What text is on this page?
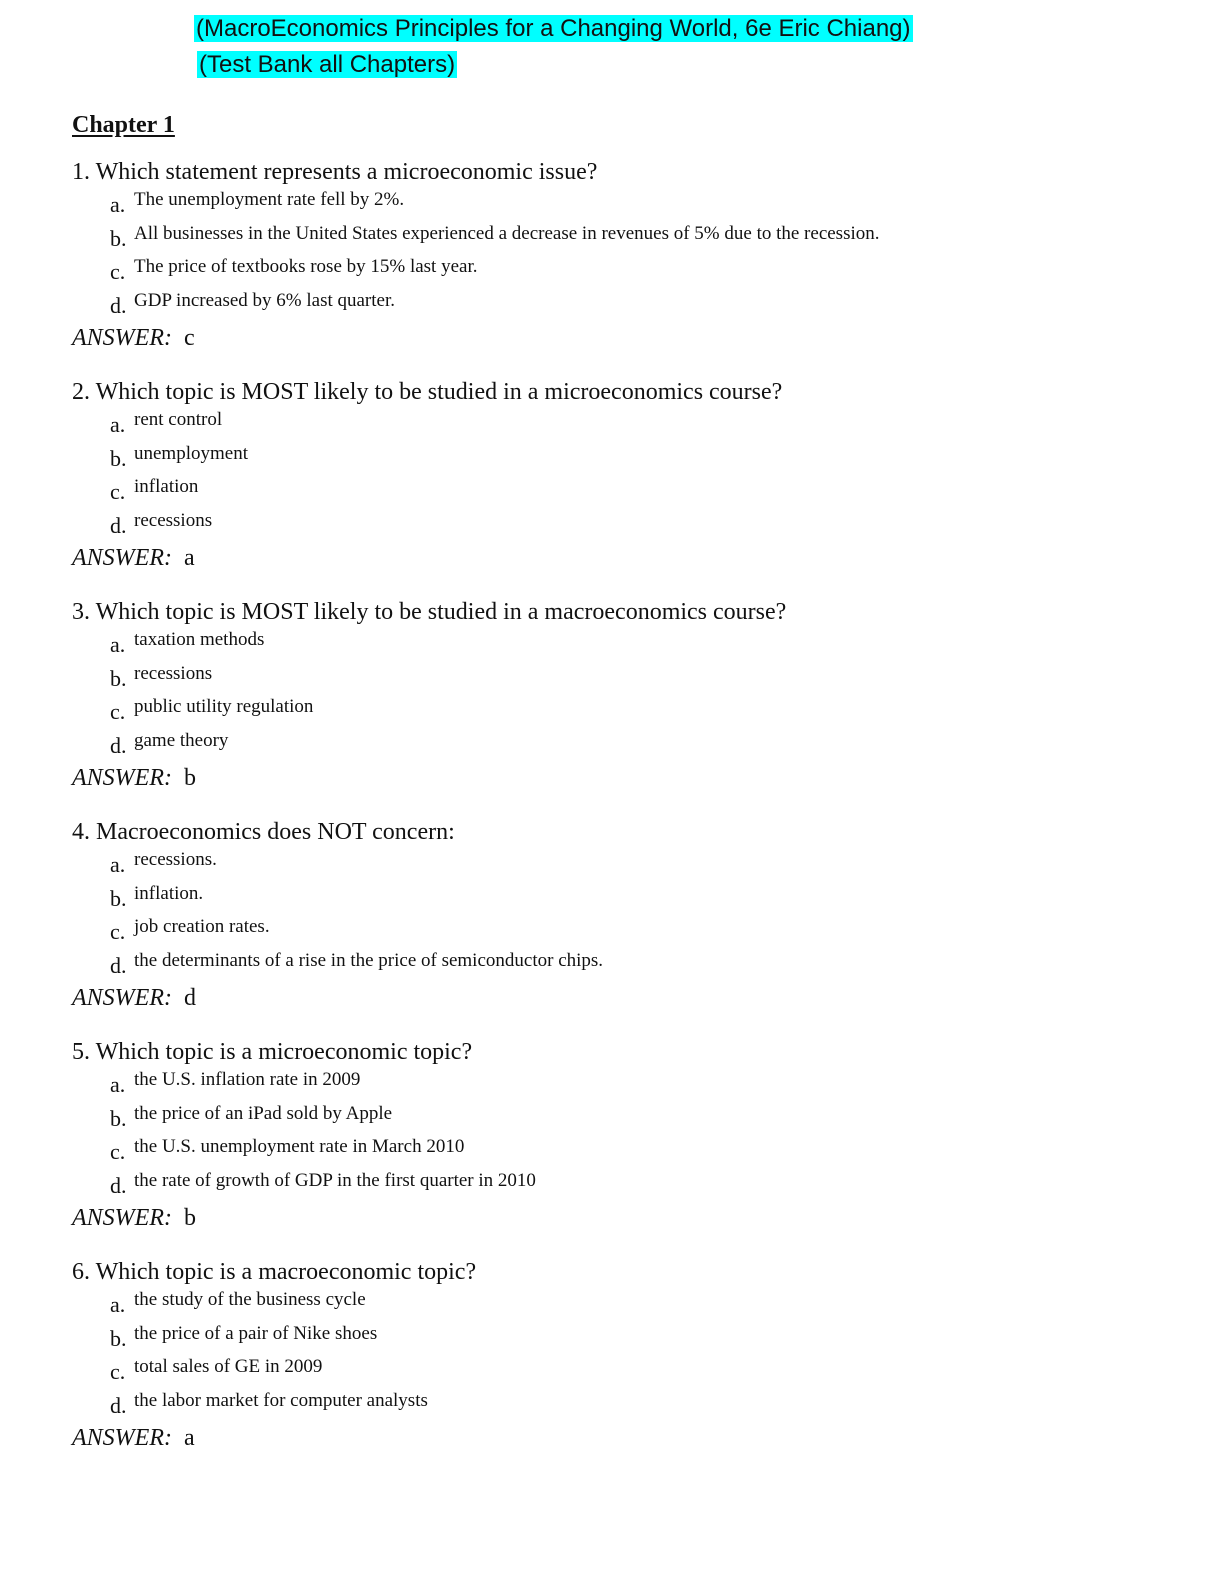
(MacroEconomics Principles for a Changing World, 6e Eric Chiang)
(Test Bank all Chapters)
Chapter 1
1. Which statement represents a microeconomic issue?
a. The unemployment rate fell by 2%.
b. All businesses in the United States experienced a decrease in revenues of 5% due to the recession.
c. The price of textbooks rose by 15% last year.
d. GDP increased by 6% last quarter.
ANSWER: c
2. Which topic is MOST likely to be studied in a microeconomics course?
a. rent control
b. unemployment
c. inflation
d. recessions
ANSWER: a
3. Which topic is MOST likely to be studied in a macroeconomics course?
a. taxation methods
b. recessions
c. public utility regulation
d. game theory
ANSWER: b
4. Macroeconomics does NOT concern:
a. recessions.
b. inflation.
c. job creation rates.
d. the determinants of a rise in the price of semiconductor chips.
ANSWER: d
5. Which topic is a microeconomic topic?
a. the U.S. inflation rate in 2009
b. the price of an iPad sold by Apple
c. the U.S. unemployment rate in March 2010
d. the rate of growth of GDP in the first quarter in 2010
ANSWER: b
6. Which topic is a macroeconomic topic?
a. the study of the business cycle
b. the price of a pair of Nike shoes
c. total sales of GE in 2009
d. the labor market for computer analysts
ANSWER: a
